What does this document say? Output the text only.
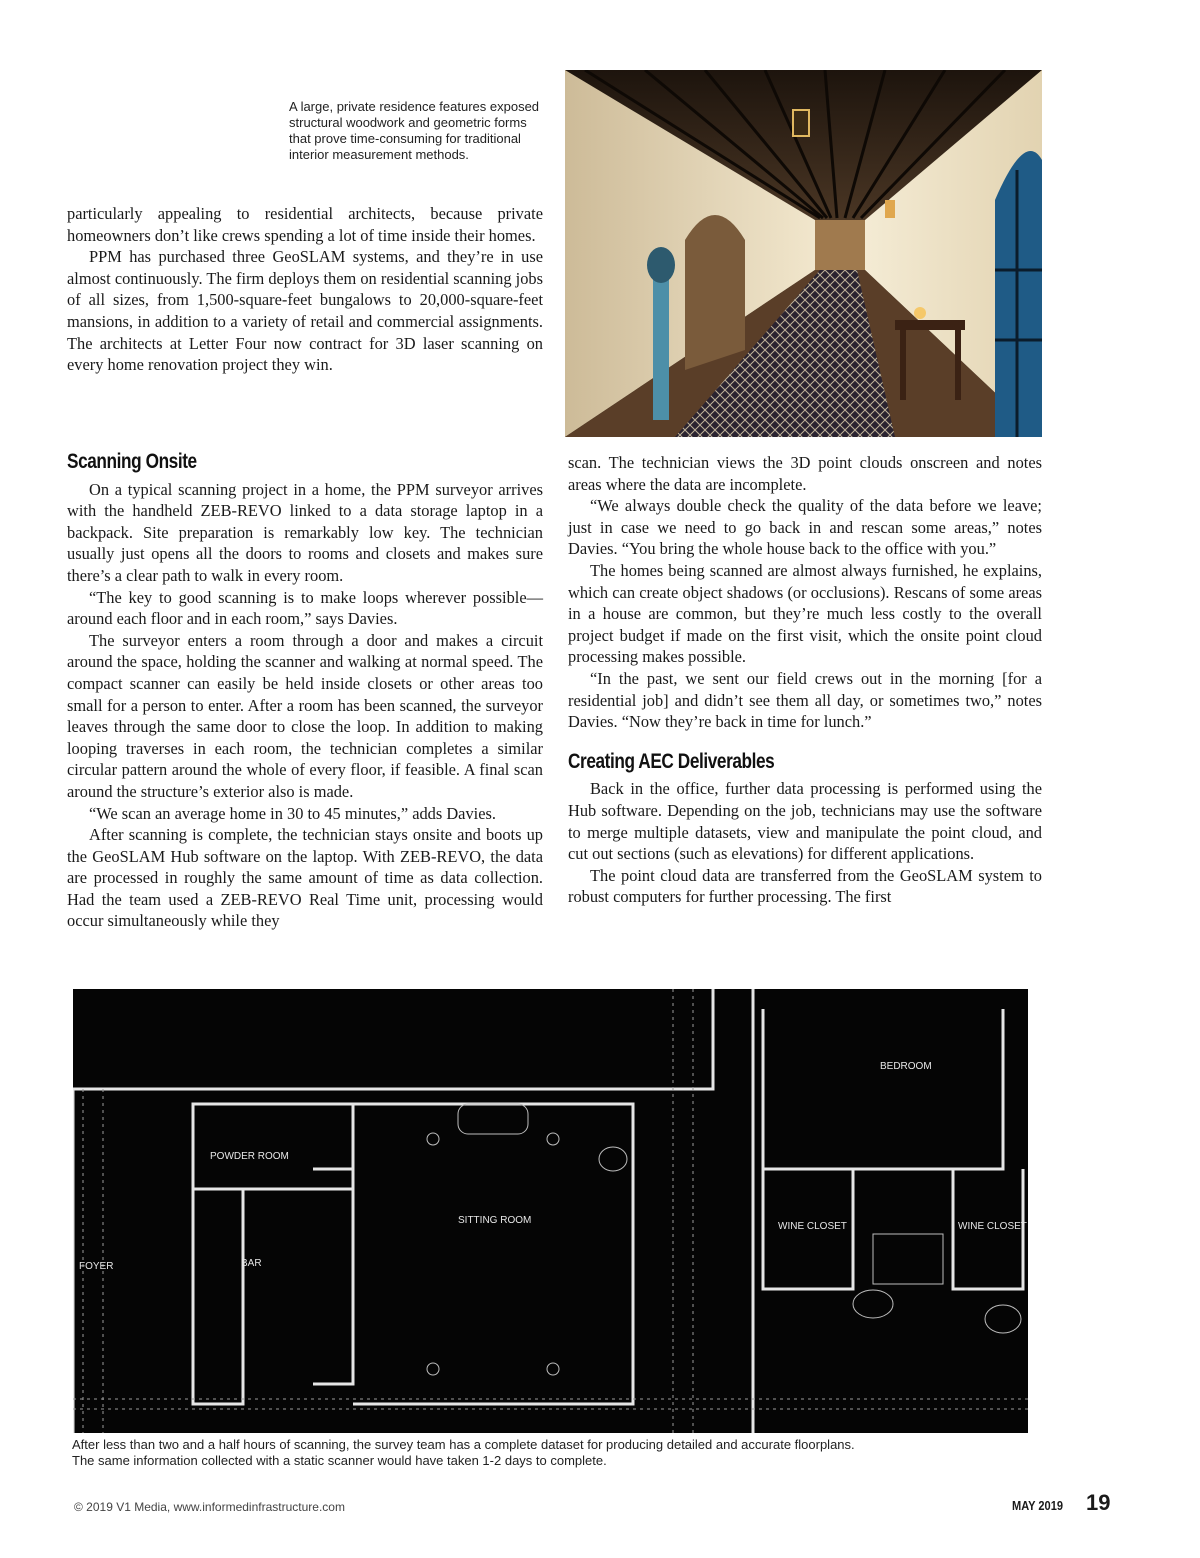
A large, private residence features exposed structural woodwork and geometric forms that prove time-consuming for traditional interior measurement methods.

particularly appealing to residential architects, because private homeowners don’t like crews spending a lot of time inside their homes.

PPM has purchased three GeoSLAM systems, and they’re in use almost continuously. The firm deploys them on residential scanning jobs of all sizes, from 1,500-square-feet bungalows to 20,000-square-feet mansions, in addition to a variety of retail and commercial assignments. The architects at Letter Four now contract for 3D laser scanning on every home renovation project they win.

Scanning Onsite

On a typical scanning project in a home, the PPM surveyor arrives with the handheld ZEB-REVO linked to a data storage laptop in a backpack. Site preparation is remarkably low key. The technician usually just opens all the doors to rooms and closets and makes sure there’s a clear path to walk in every room.

“The key to good scanning is to make loops wherever possible—around each floor and in each room,” says Davies.

The surveyor enters a room through a door and makes a circuit around the space, holding the scanner and walking at normal speed. The compact scanner can easily be held inside closets or other areas too small for a person to enter. After a room has been scanned, the surveyor leaves through the same door to close the loop. In addition to making looping traverses in each room, the technician completes a similar circular pattern around the whole of every floor, if feasible. A final scan around the structure’s exterior also is made.

“We scan an average home in 30 to 45 minutes,” adds Davies.

After scanning is complete, the technician stays onsite and boots up the GeoSLAM Hub software on the laptop. With ZEB-REVO, the data are processed in roughly the same amount of time as data collection. Had the team used a ZEB-REVO Real Time unit, processing would occur simultaneously while they

scan. The technician views the 3D point clouds onscreen and notes areas where the data are incomplete.

“We always double check the quality of the data before we leave; just in case we need to go back in and rescan some areas,” notes Davies. “You bring the whole house back to the office with you.”

The homes being scanned are almost always furnished, he explains, which can create object shadows (or occlusions). Rescans of some areas in a house are common, but they’re much less costly to the overall project budget if made on the first visit, which the onsite point cloud processing makes possible.

“In the past, we sent our field crews out in the morning [for a residential job] and didn’t see them all day, or sometimes two,” notes Davies. “Now they’re back in time for lunch.”

Creating AEC Deliverables

Back in the office, further data processing is performed using the Hub software. Depending on the job, technicians may use the software to merge multiple datasets, view and manipulate the point cloud, and cut out sections (such as elevations) for different applications.

The point cloud data are transferred from the GeoSLAM system to robust computers for further processing. The first

BEDROOM
POWDER ROOM
SITTING ROOM
BAR
FOYER
WINE CLOSET	WINE CLOSET
After less than two and a half hours of scanning, the survey team has a complete dataset for producing detailed and accurate floorplans.
The same information collected with a static scanner would have taken 1-2 days to complete.
© 2019 V1 Media, www.informedinfrastructure.com	MAY 2019 19
